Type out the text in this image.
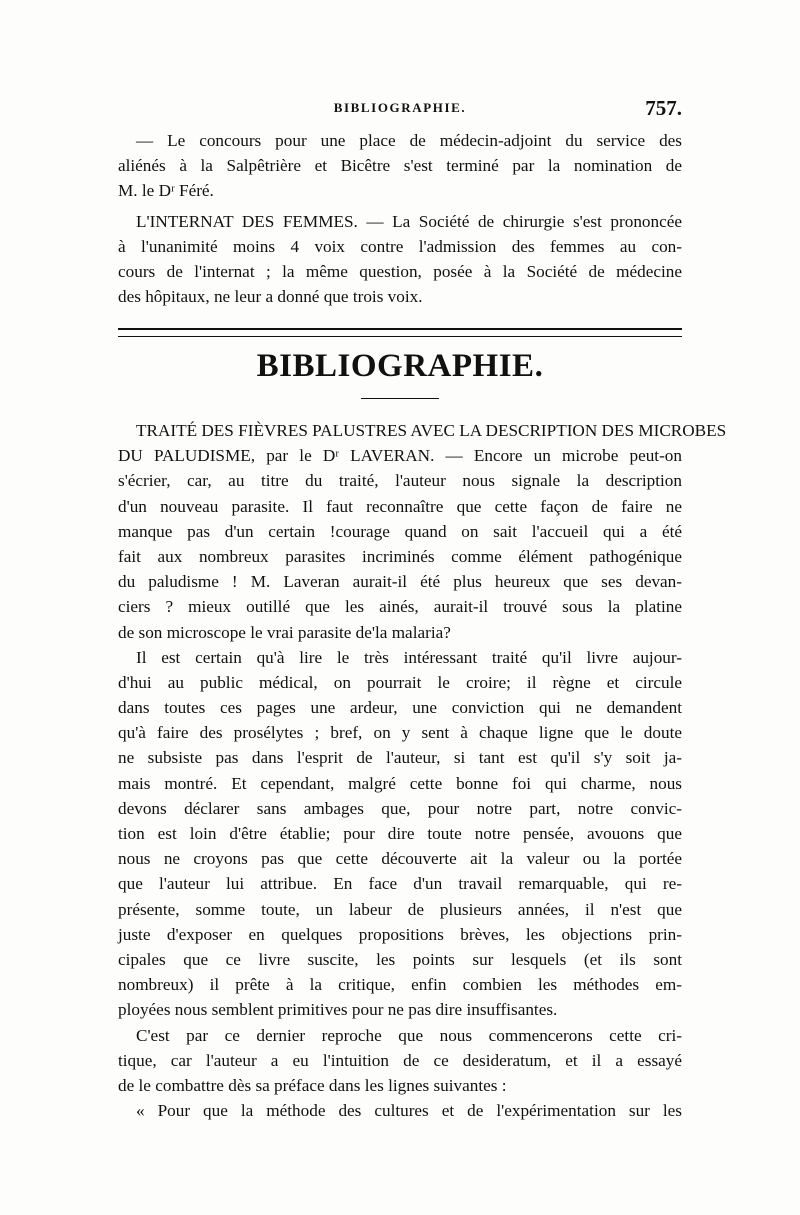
BIBLIOGRAPHIE.	757.
— Le concours pour une place de médecin-adjoint du service des
aliénés à la Salpêtrière et Bicêtre s'est terminé par la nomination de
M. le Dʳ Féré.
L'INTERNAT DES FEMMES. — La Société de chirurgie s'est prononcée
à l'unanimité moins 4 voix contre l'admission des femmes au con-
cours de l'internat ; la même question, posée à la Société de médecine
des hôpitaux, ne leur a donné que trois voix.
BIBLIOGRAPHIE.
TRAITÉ DES FIÈVRES PALUSTRES AVEC LA DESCRIPTION DES MICROBES
DU PALUDISME, par le Dʳ LAVERAN. — Encore un microbe peut-on
s'écrier, car, au titre du traité, l'auteur nous signale la description
d'un nouveau parasite. Il faut reconnaître que cette façon de faire ne
manque pas d'un certain !courage quand on sait l'accueil qui a été
fait aux nombreux parasites incriminés comme élément pathogénique
du paludisme ! M. Laveran aurait-il été plus heureux que ses devan-
ciers ? mieux outillé que les ainés, aurait-il trouvé sous la platine
de son microscope le vrai parasite de'la malaria?
Il est certain qu'à lire le très intéressant traité qu'il livre aujour-
d'hui au public médical, on pourrait le croire; il règne et circule
dans toutes ces pages une ardeur, une conviction qui ne demandent
qu'à faire des prosélytes ; bref, on y sent à chaque ligne que le doute
ne subsiste pas dans l'esprit de l'auteur, si tant est qu'il s'y soit ja-
mais montré. Et cependant, malgré cette bonne foi qui charme, nous
devons déclarer sans ambages que, pour notre part, notre convic-
tion est loin d'être établie; pour dire toute notre pensée, avouons que
nous ne croyons pas que cette découverte ait la valeur ou la portée
que l'auteur lui attribue. En face d'un travail remarquable, qui re-
présente, somme toute, un labeur de plusieurs années, il n'est que
juste d'exposer en quelques propositions brèves, les objections prin-
cipales que ce livre suscite, les points sur lesquels (et ils sont
nombreux) il prête à la critique, enfin combien les méthodes em-
ployées nous semblent primitives pour ne pas dire insuffisantes.
C'est par ce dernier reproche que nous commencerons cette cri-
tique, car l'auteur a eu l'intuition de ce desideratum, et il a essayé
de le combattre dès sa préface dans les lignes suivantes :
« Pour que la méthode des cultures et de l'expérimentation sur les
